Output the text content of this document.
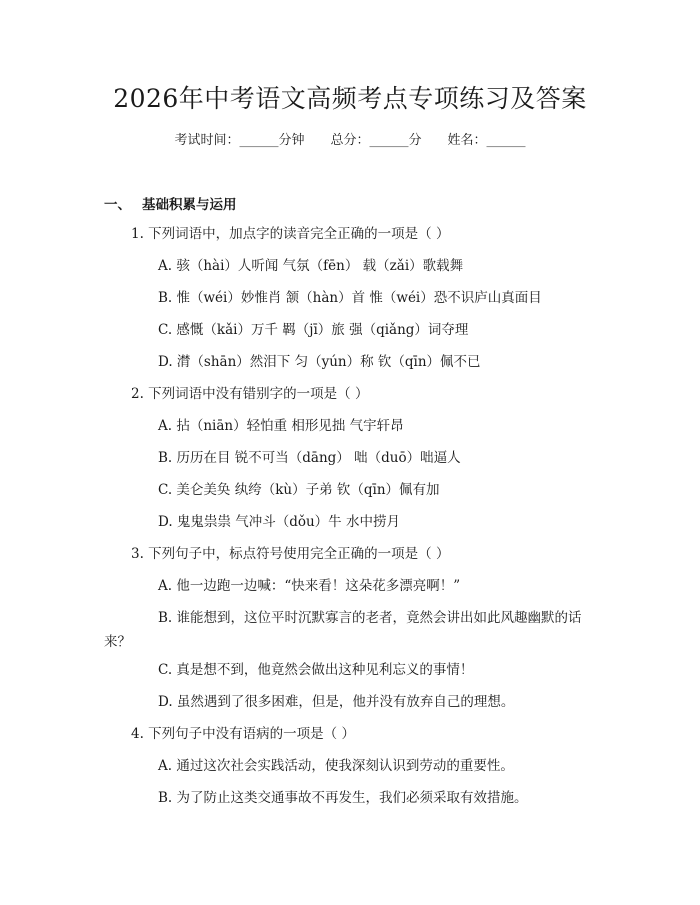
2026年中考语文高频考点专项练习及答案
考试时间：______分钟 总分：______分 姓名：______
一、 基础积累与运用
1. 下列词语中，加点字的读音完全正确的一项是（ ）
A. 骇（hài）人听闻 气氛（fēn） 载（zǎi）歌载舞
B. 惟（wéi）妙惟肖 颔（hàn）首 惟（wéi）恐不识庐山真面目
C. 感慨（kǎi）万千 羁（jī）旅 强（qiǎng）词夺理
D. 潸（shān）然泪下 匀（yún）称 钦（qīn）佩不已
2. 下列词语中没有错别字的一项是（ ）
A. 拈（niān）轻怕重 相形见拙 气宇轩昂
B. 历历在目 锐不可当（dāng） 咄（duō）咄逼人
C. 美仑美奂 纨绔（kù）子弟 钦（qīn）佩有加
D. 鬼鬼祟祟 气冲斗（dǒu）牛 水中捞月
3. 下列句子中，标点符号使用完全正确的一项是（ ）
A. 他一边跑一边喊：“快来看！这朵花多漂亮啊！”
B. 谁能想到，这位平时沉默寡言的老者，竟然会讲出如此风趣幽默的话
来？
C. 真是想不到，他竟然会做出这种见利忘义的事情！
D. 虽然遇到了很多困难，但是，他并没有放弃自己的理想。
4. 下列句子中没有语病的一项是（ ）
A. 通过这次社会实践活动，使我深刻认识到劳动的重要性。
B. 为了防止这类交通事故不再发生，我们必须采取有效措施。
